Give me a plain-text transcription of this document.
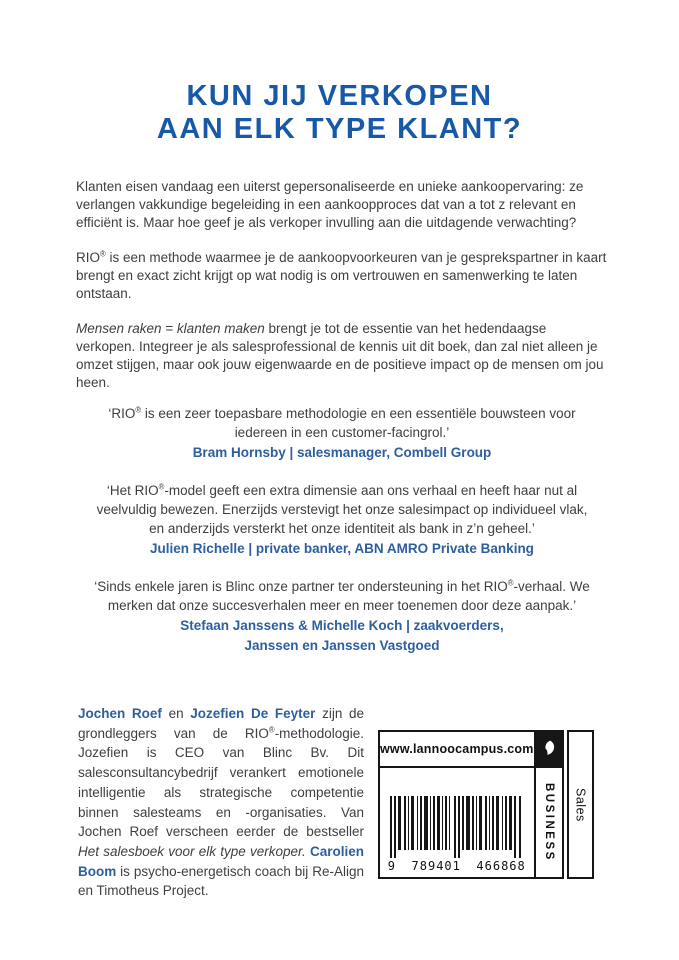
KUN JIJ VERKOPEN
AAN ELK TYPE KLANT?

Klanten eisen vandaag een uiterst gepersonaliseerde en unieke aankoopervaring: ze verlangen vakkundige begeleiding in een aankoopproces dat van a tot z relevant en efficiënt is. Maar hoe geef je als verkoper invulling aan die uitdagende verwachting?

RIO® is een methode waarmee je de aankoopvoorkeuren van je gesprekspartner in kaart brengt en exact zicht krijgt op wat nodig is om vertrouwen en samenwerking te laten ontstaan.

Mensen raken = klanten maken brengt je tot de essentie van het hedendaagse verkopen. Integreer je als salesprofessional de kennis uit dit boek, dan zal niet alleen je omzet stijgen, maar ook jouw eigenwaarde en de positieve impact op de mensen om jou heen.

‘RIO® is een zeer toepasbare methodologie en een essentiële bouwsteen voor iedereen in een customer-facingrol.’
Bram Hornsby | salesmanager, Combell Group
‘Het RIO®-model geeft een extra dimensie aan ons verhaal en heeft haar nut al veelvuldig bewezen. Enerzijds verstevigt het onze salesimpact op individueel vlak, en anderzijds versterkt het onze identiteit als bank in z’n geheel.’
Julien Richelle | private banker, ABN AMRO Private Banking
‘Sinds enkele jaren is Blinc onze partner ter ondersteuning in het RIO®-verhaal. We merken dat onze succesverhalen meer en meer toenemen door deze aanpak.’
Stefaan Janssens & Michelle Koch | zaakvoerders,
Janssen en Janssen Vastgoed
Jochen Roef en Jozefien De Feyter zijn de grondleggers van de RIO®-methodologie. Jozefien is CEO van Blinc Bv. Dit salesconsultancybedrijf verankert emotionele intelligentie als strategische competentie binnen salesteams en -organisaties. Van Jochen Roef verscheen eerder de bestseller Het salesboek voor elk type verkoper. Carolien Boom is psycho-energetisch coach bij Re-Align en Timotheus Project.
www.lannoocampus.com
9 789401 466868
BUSINESS	Sales
